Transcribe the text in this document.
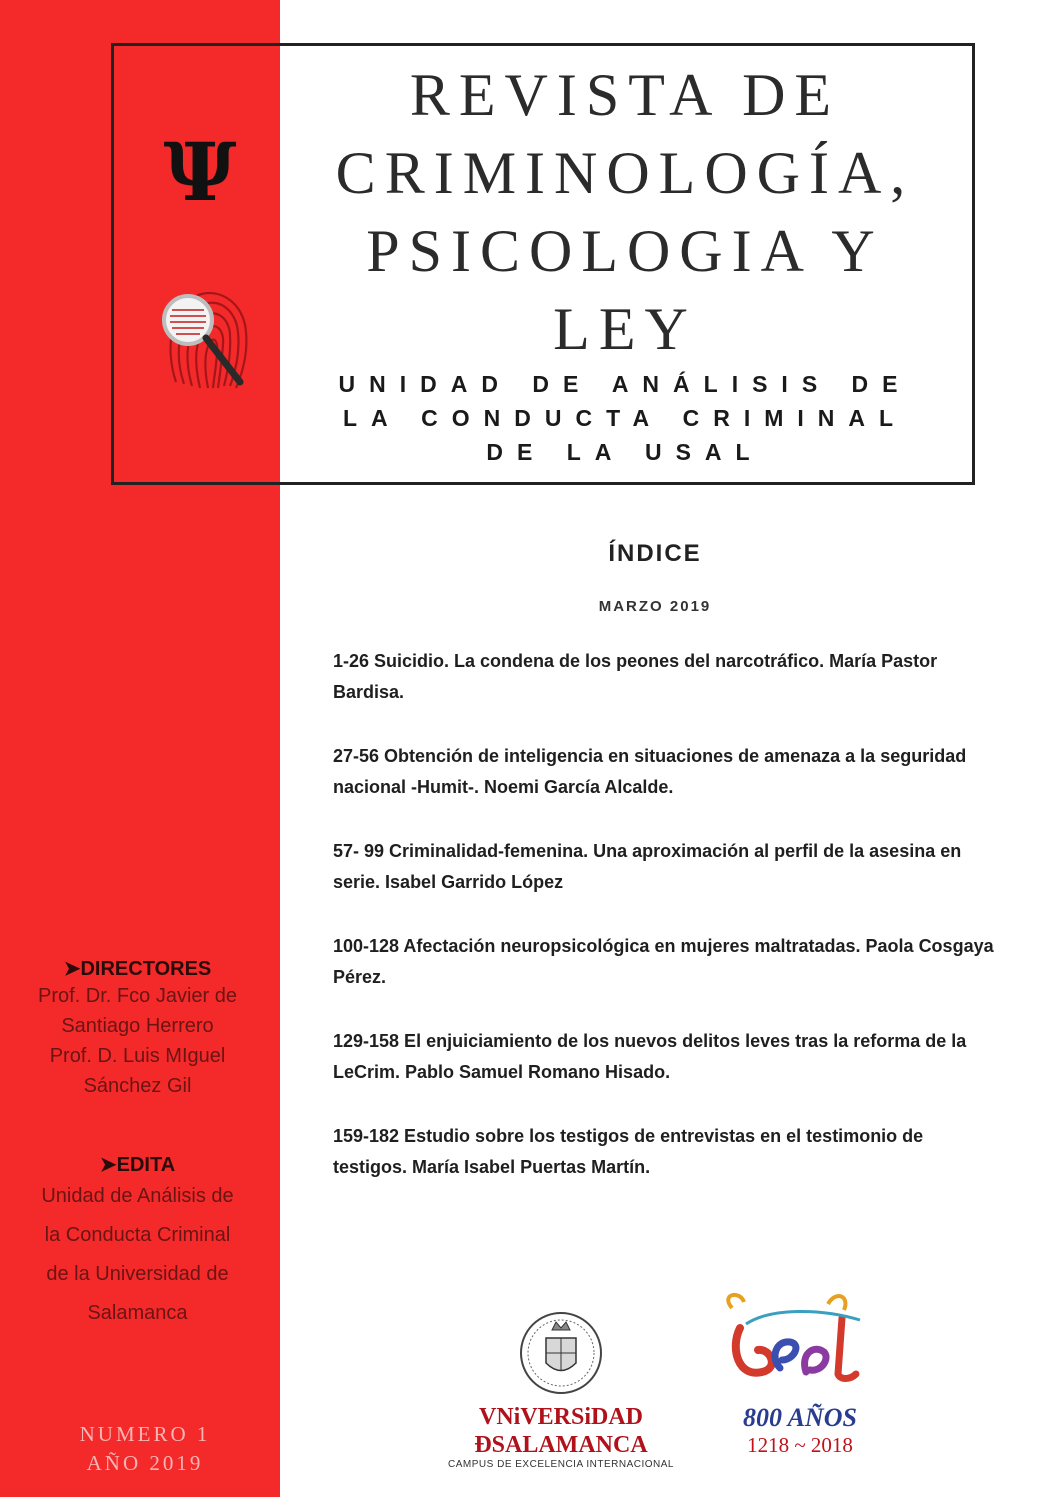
Ψ
REVISTA DE
CRIMINOLOGÍA,
PSICOLOGIA Y
LEY
UNIDAD DE ANÁLISIS DE
LA CONDUCTA CRIMINAL
DE LA USAL
ÍNDICE
MARZO 2019
1-26 Suicidio. La condena de los peones del narcotráfico. María Pastor Bardisa.
27-56 Obtención de inteligencia en situaciones de amenaza a la seguridad nacional -Humit-. Noemi García Alcalde.
57- 99 Criminalidad-femenina. Una aproximación al perfil de la asesina en serie. Isabel Garrido López
100-128 Afectación neuropsicológica en mujeres maltratadas. Paola Cosgaya Pérez.
129-158 El enjuiciamiento de los nuevos delitos leves tras la reforma de la LeCrim. Pablo Samuel Romano Hisado.
159-182 Estudio sobre los testigos de entrevistas en el testimonio de testigos. María Isabel Puertas Martín.
➤DIRECTORES
Prof. Dr. Fco Javier de
Santiago Herrero
Prof. D. Luis MIguel
Sánchez Gil
➤EDITA
Unidad de Análisis de
la Conducta Criminal
de la Universidad de
Salamanca
NUMERO 1
AÑO 2019
VNiVERSiDAD
ÐSALAMANCA
CAMPUS DE EXCELENCIA INTERNACIONAL
800 AÑOS
1218 ~ 2018
